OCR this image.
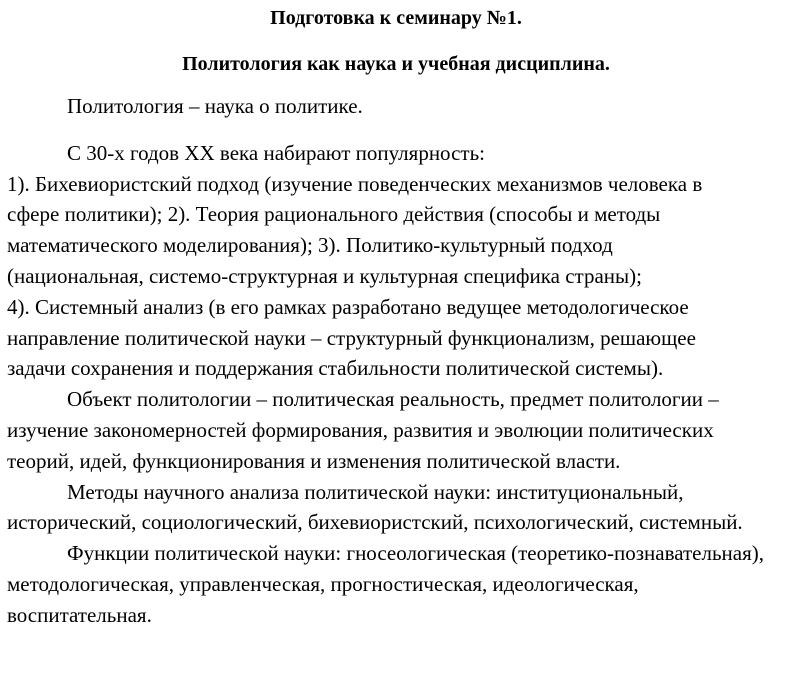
Подготовка к семинару №1.

Политология как наука и учебная дисциплина.

Политология – наука о политике.

С 30-х годов XX века набирают популярность:

1). Бихевиористский подход (изучение поведенческих механизмов человека в
сфере политики); 2). Теория рационального действия (способы и методы
математического моделирования); 3). Политико-культурный подход
(национальная, системо-структурная и культурная специфика страны);
4). Системный анализ (в его рамках разработано ведущее методологическое
направление политической науки – структурный функционализм, решающее
задачи сохранения и поддержания стабильности политической системы).

Объект политологии – политическая реальность, предмет политологии – изучение закономерностей формирования, развития и эволюции политических теорий, идей, функционирования и изменения политической власти.

Методы научного анализа политической науки: институциональный, исторический, социологический, бихевиористский, психологический, системный.

Функции политической науки: гносеологическая (теоретико-познавательная), методологическая, управленческая, прогностическая, идеологическая, воспитательная.
